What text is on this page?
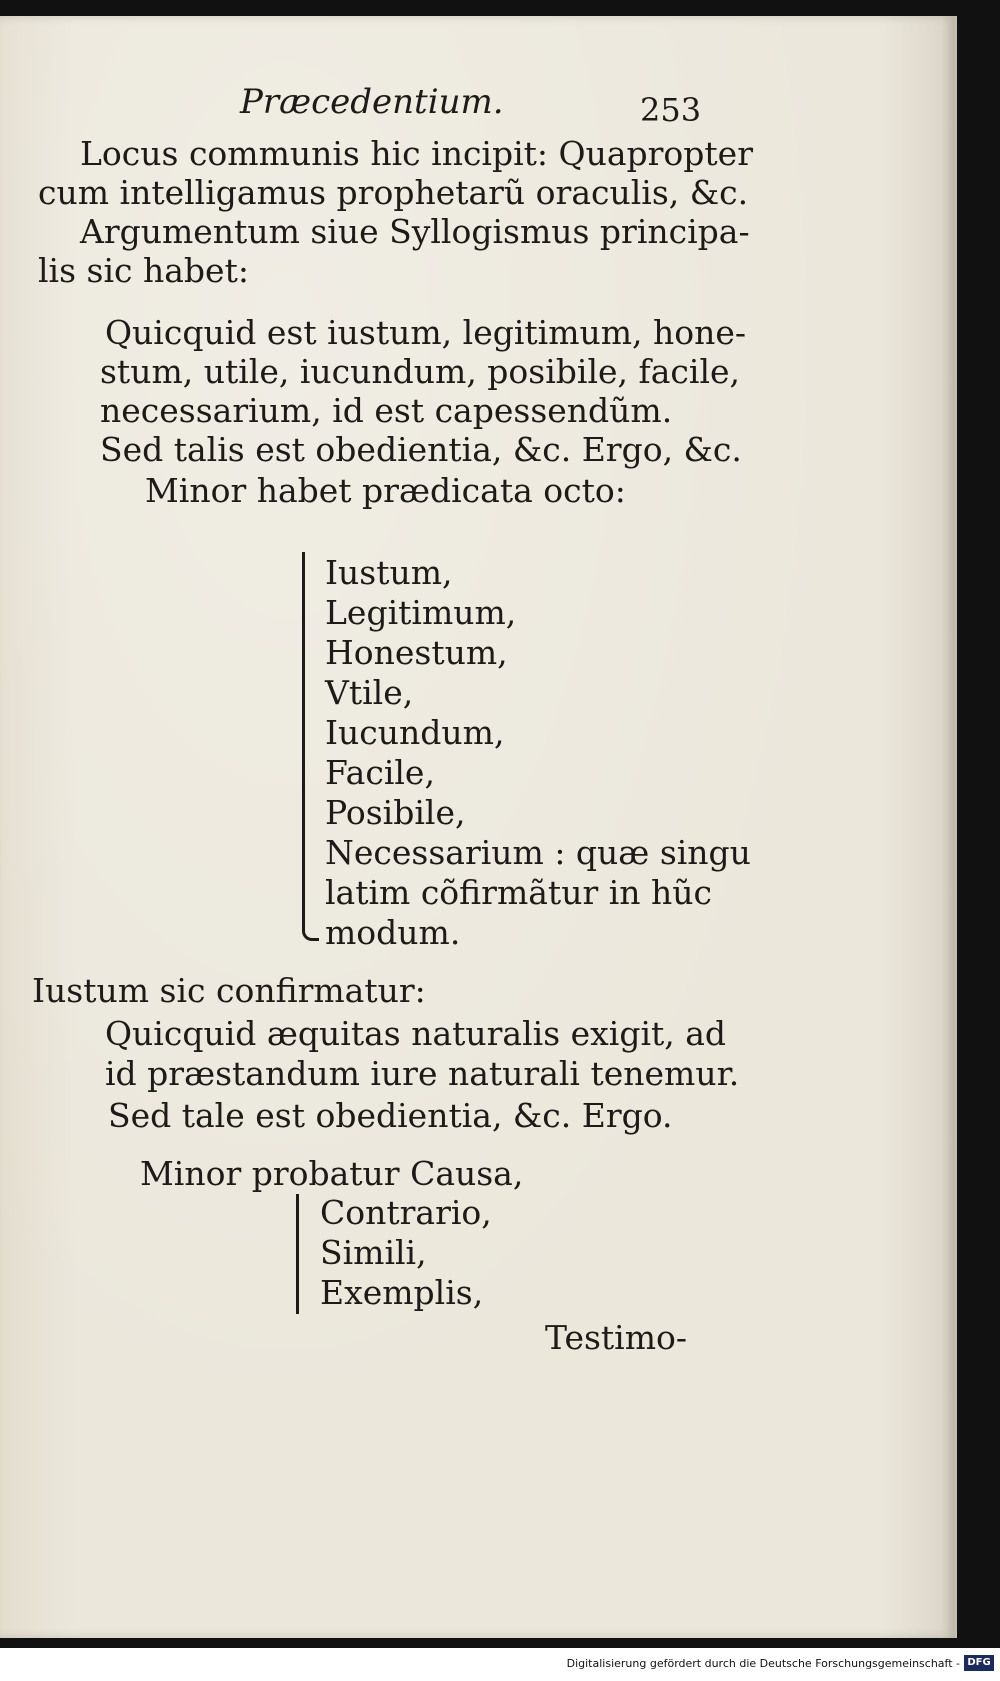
Præcedentium.	253
Locus communis hic incipit: Quapropter
cum intelligamus prophetarũ oraculis, &c.
Argumentum siue Syllogismus principa-
lis sic habet:
Quicquid est iustum, legitimum, hone-
stum, utile, iucundum, posibile, facile,
necessarium, id est capessendũm.
Sed talis est obedientia, &c. Ergo, &c.
Minor habet prædicata octo:
Iustum,
Legitimum,
Honestum,
Vtile,
Iucundum,
Facile,
Posibile,
Necessarium : quæ singu
latim cõfirmãtur in hũc
modum.
Iustum sic confirmatur:
Quicquid æquitas naturalis exigit, ad
id præstandum iure naturali tenemur.
Sed tale est obedientia, &c. Ergo.
Minor probatur Causa,
Contrario,
Simili,
Exemplis,
Testimo-
Digitalisierung gefördert durch die Deutsche Forschungsgemeinschaft - DFG
